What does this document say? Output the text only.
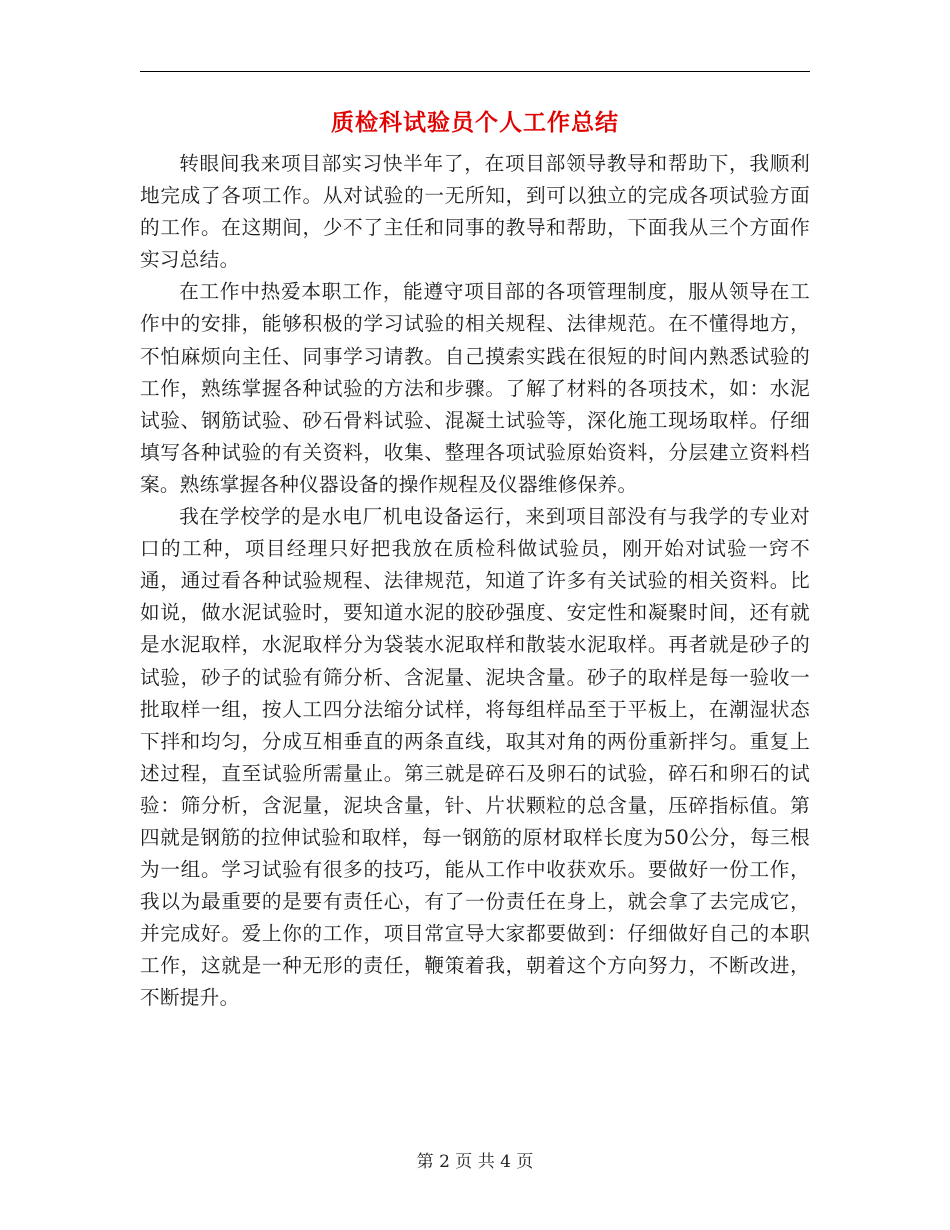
质检科试验员个人工作总结

转眼间我来项目部实习快半年了，在项目部领导教导和帮助下，我顺利地完成了各项工作。从对试验的一无所知，到可以独立的完成各项试验方面的工作。在这期间，少不了主任和同事的教导和帮助，下面我从三个方面作实习总结。

在工作中热爱本职工作，能遵守项目部的各项管理制度，服从领导在工作中的安排，能够积极的学习试验的相关规程、法律规范。在不懂得地方，不怕麻烦向主任、同事学习请教。自己摸索实践在很短的时间内熟悉试验的工作，熟练掌握各种试验的方法和步骤。了解了材料的各项技术，如：水泥试验、钢筋试验、砂石骨料试验、混凝土试验等，深化施工现场取样。仔细填写各种试验的有关资料，收集、整理各项试验原始资料，分层建立资料档案。熟练掌握各种仪器设备的操作规程及仪器维修保养。

我在学校学的是水电厂机电设备运行，来到项目部没有与我学的专业对口的工种，项目经理只好把我放在质检科做试验员，刚开始对试验一窍不通，通过看各种试验规程、法律规范，知道了许多有关试验的相关资料。比如说，做水泥试验时，要知道水泥的胶砂强度、安定性和凝聚时间，还有就是水泥取样，水泥取样分为袋装水泥取样和散装水泥取样。再者就是砂子的试验，砂子的试验有筛分析、含泥量、泥块含量。砂子的取样是每一验收一批取样一组，按人工四分法缩分试样，将每组样品至于平板上，在潮湿状态下拌和均匀，分成互相垂直的两条直线，取其对角的两份重新拌匀。重复上述过程，直至试验所需量止。第三就是碎石及卵石的试验，碎石和卵石的试验：筛分析，含泥量，泥块含量，针、片状颗粒的总含量，压碎指标值。第四就是钢筋的拉伸试验和取样，每一钢筋的原材取样长度为50公分，每三根为一组。学习试验有很多的技巧，能从工作中收获欢乐。要做好一份工作，我以为最重要的是要有责任心，有了一份责任在身上，就会拿了去完成它，并完成好。爱上你的工作，项目常宣导大家都要做到：仔细做好自己的本职工作，这就是一种无形的责任，鞭策着我，朝着这个方向努力，不断改进，不断提升。

第 2 页 共 4 页
